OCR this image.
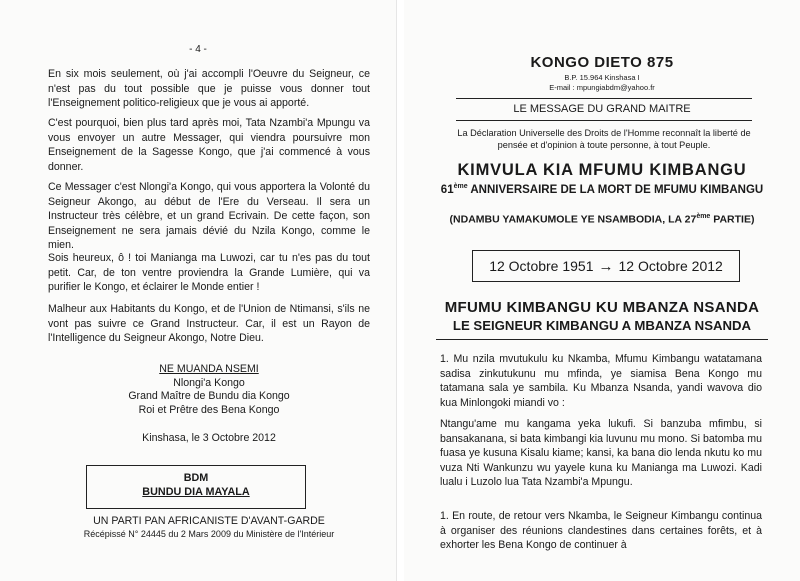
- 4 -

En six mois seulement, où j'ai accompli l'Oeuvre du Seigneur, ce n'est pas du tout possible que je puisse vous donner tout l'Enseignement politico-religieux que je vous ai apporté.

C'est pourquoi, bien plus tard après moi, Tata Nzambi'a Mpungu va vous envoyer un autre Messager, qui viendra poursuivre mon Enseignement de la Sagesse Kongo, que j'ai commencé à vous donner.

Ce Messager c'est Nlongi'a Kongo, qui vous apportera la Volonté du Seigneur Akongo, au début de l'Ere du Verseau. Il sera un Instructeur très célèbre, et un grand Ecrivain. De cette façon, son Enseignement ne sera jamais dévié du Nzila Kongo, comme le mien.

Sois heureux, ô ! toi Manianga ma Luwozi, car tu n'es pas du tout petit. Car, de ton ventre proviendra la Grande Lumière, qui va purifier le Kongo, et éclairer le Monde entier !

Malheur aux Habitants du Kongo, et de l'Union de Ntimansi, s'ils ne vont pas suivre ce Grand Instructeur. Car, il est un Rayon de l'Intelligence du Seigneur Akongo, Notre Dieu.

NE MUANDA NSEMI
Nlongi'a Kongo
Grand Maître de Bundu dia Kongo
Roi et Prêtre des Bena Kongo
Kinshasa, le 3 Octobre 2012
BDM
BUNDU DIA MAYALA
UN PARTI PAN AFRICANISTE D'AVANT-GARDE
Récépissé N° 24445 du 2 Mars 2009 du Ministère de l'Intérieur
KONGO DIETO 875
B.P. 15.964 Kinshasa I
E-mail : mpungiabdm@yahoo.fr
LE MESSAGE DU GRAND MAITRE
La Déclaration Universelle des Droits de l'Homme reconnaît la liberté de pensée et d'opinion à toute personne, à tout Peuple.
KIMVULA KIA MFUMU KIMBANGU
61ème ANNIVERSAIRE DE LA MORT DE MFUMU KIMBANGU
(NDAMBU YAMAKUMOLE YE NSAMBODIA, LA 27ème PARTIE)
12 Octobre 1951 → 12 Octobre 2012
MFUMU KIMBANGU KU MBANZA NSANDA
LE SEIGNEUR KIMBANGU A MBANZA NSANDA

1. Mu nzila mvutukulu ku Nkamba, Mfumu Kimbangu watatamana sadisa zinkutukunu mu mfinda, ye siamisa Bena Kongo mu tatamana sala ye sambila. Ku Mbanza Nsanda, yandi wavova dio kua Minlongoki miandi vo :

Ntangu'ame mu kangama yeka lukufi. Si banzuba mfimbu, si bansakanana, si bata kimbangi kia luvunu mu mono. Si batomba mu fuasa ye kusuna Kisalu kiame; kansi, ka bana dio lenda nkutu ko mu vuza Nti Wankunzu wu yayele kuna ku Manianga ma Luwozi. Kadi lualu i Luzolo lua Tata Nzambi'a Mpungu.

1. En route, de retour vers Nkamba, le Seigneur Kimbangu continua à organiser des réunions clandestines dans certaines forêts, et à exhorter les Bena Kongo de continuer à
